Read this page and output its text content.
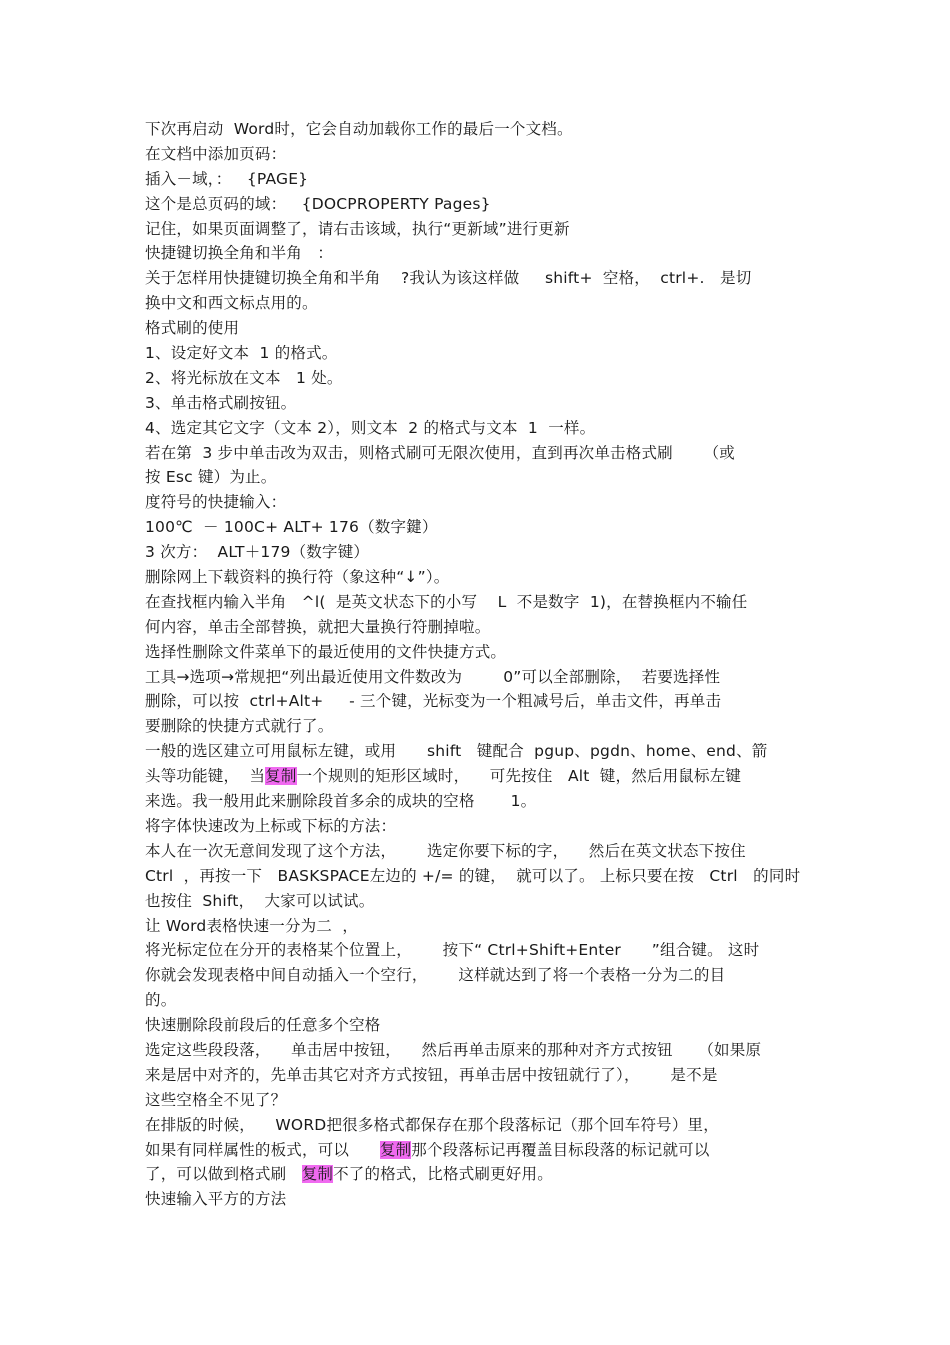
下次再启动  Word时，它会自动加载你工作的最后一个文档。
在文档中添加页码：
插入－域，：   {PAGE}
这个是总页码的域：   {DOCPROPERTY Pages}
记住，如果页面调整了，请右击该域，执行“更新域”进行更新
快捷键切换全角和半角   ：
关于怎样用快捷键切换全角和半角    ?我认为该这样做     shift+  空格，  ctrl+.   是切
换中文和西文标点用的。
格式刷的使用
1、设定好文本  1 的格式。
2、将光标放在文本   1 处。
3、单击格式刷按钮。
4、选定其它文字（文本 2），则文本  2 的格式与文本  1  一样。
若在第  3 步中单击改为双击，则格式刷可无限次使用，直到再次单击格式刷      （或
按 Esc 键）为止。
度符号的快捷输入：
100℃  － 100C+ ALT+ 176（数字鍵）
3 次方：  ALT＋179（数字键）
删除网上下载资料的换行符（象这种“↓”）。
在查找框内输入半角   ^l(  是英文状态下的小写    L  不是数字  1)，在替换框内不输任
何内容，单击全部替换，就把大量换行符删掉啦。
选择性删除文件菜单下的最近使用的文件快捷方式。
工具→选项→常规把“列出最近使用文件数改为        0”可以全部删除，  若要选择性
删除，可以按  ctrl+Alt+     - 三个键，光标变为一个粗减号后，单击文件，再单击
要删除的快捷方式就行了。
一般的选区建立可用鼠标左键，或用      shift   键配合  pgup、pgdn、home、end、箭
头等功能键，  当复制一个规则的矩形区域时，    可先按住   Alt  键，然后用鼠标左键
来选。我一般用此来删除段首多余的成块的空格       1。
将字体快速改为上标或下标的方法：
本人在一次无意间发现了这个方法，      选定你要下标的字，    然后在英文状态下按住
Ctrl  ，再按一下   BASKSPACE左边的 +/= 的键，  就可以了。 上标只要在按   Ctrl   的同时
也按住  Shift，  大家可以试试。
让 Word表格快速一分为二  ，
将光标定位在分开的表格某个位置上，      按下“ Ctrl+Shift+Enter      ”组合键。 这时
你就会发现表格中间自动插入一个空行，      这样就达到了将一个表格一分为二的目
的。
快速删除段前段后的任意多个空格
选定这些段段落，    单击居中按钮，    然后再单击原来的那种对齐方式按钮     （如果原
来是居中对齐的，先单击其它对齐方式按钮，再单击居中按钮就行了），      是不是
这些空格全不见了？
在排版的时候，    WORD把很多格式都保存在那个段落标记（那个回车符号）里，
如果有同样属性的板式，可以      复制那个段落标记再覆盖目标段落的标记就可以
了，可以做到格式刷   复制不了的格式，比格式刷更好用。
快速输入平方的方法
